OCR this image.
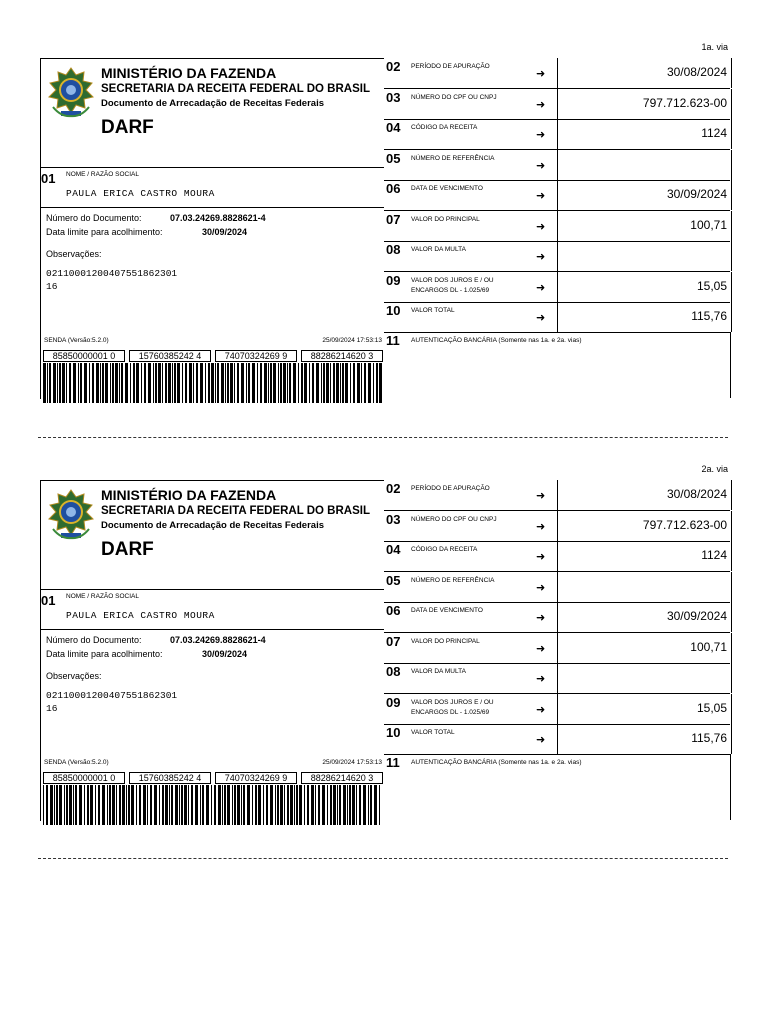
1a. via
MINISTÉRIO DA FAZENDA
SECRETARIA DA RECEITA FEDERAL DO BRASIL
Documento de Arrecadação de Receitas Federais
DARF
01 NOME / RAZÃO SOCIAL
PAULA ERICA CASTRO MOURA
Número do Documento:	07.03.24269.8828621-4
Data limite para acolhimento:	30/09/2024
Observações:
02110001200407551862301
16
SENDA (Versão:5.2.0)	25/09/2024 17:53:13
85850000001 0	15760385242 4	74070324269 9	88286214620 3
02 PERÍODO DE APURAÇÃO
➜	30/08/2024
03 NÚMERO DO CPF OU CNPJ
➜	797.712.623-00
04 CÓDIGO DA RECEITA
➜	1124
05 NÚMERO DE REFERÊNCIA
➜
06 DATA DE VENCIMENTO
➜	30/09/2024
07 VALOR DO PRINCIPAL
➜	100,71
08 VALOR DA MULTA
➜
09 VALOR DOS JUROS E / OU
ENCARGOS DL - 1.025/69	➜	15,05
10 VALOR TOTAL
➜	115,76
11 AUTENTICAÇÃO BANCÁRIA (Somente nas 1a. e 2a. vias)
2a. via
MINISTÉRIO DA FAZENDA
SECRETARIA DA RECEITA FEDERAL DO BRASIL
Documento de Arrecadação de Receitas Federais
DARF
01 NOME / RAZÃO SOCIAL
PAULA ERICA CASTRO MOURA
Número do Documento:	07.03.24269.8828621-4
Data limite para acolhimento:	30/09/2024
Observações:
02110001200407551862301
16
SENDA (Versão:5.2.0)	25/09/2024 17:53:13
85850000001 0	15760385242 4	74070324269 9	88286214620 3
02 PERÍODO DE APURAÇÃO
➜	30/08/2024
03 NÚMERO DO CPF OU CNPJ
➜	797.712.623-00
04 CÓDIGO DA RECEITA
➜	1124
05 NÚMERO DE REFERÊNCIA
➜
06 DATA DE VENCIMENTO
➜	30/09/2024
07 VALOR DO PRINCIPAL
➜	100,71
08 VALOR DA MULTA
➜
09 VALOR DOS JUROS E / OU
ENCARGOS DL - 1.025/69	➜	15,05
10 VALOR TOTAL
➜	115,76
11 AUTENTICAÇÃO BANCÁRIA (Somente nas 1a. e 2a. vias)
